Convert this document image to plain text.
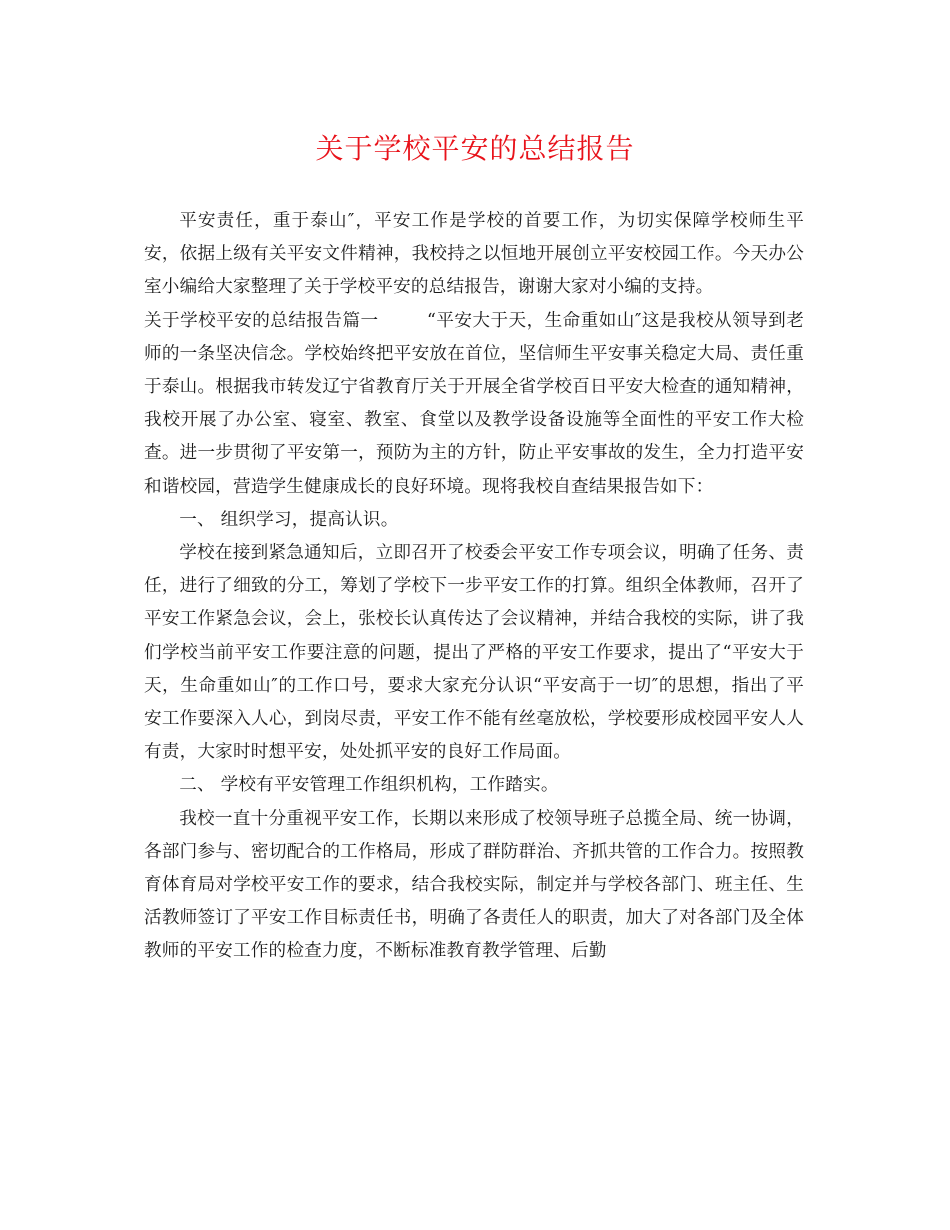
关于学校平安的总结报告

平安责任，重于泰山″，平安工作是学校的首要工作，为切实保障学校师生平安，依据上级有关平安文件精神，我校持之以恒地开展创立平安校园工作。今天办公室小编给大家整理了关于学校平安的总结报告，谢谢大家对小编的支持。

关于学校平安的总结报告篇一        “平安大于天，生命重如山″这是我校从领导到老师的一条坚决信念。学校始终把平安放在首位，坚信师生平安事关稳定大局、责任重于泰山。根据我市转发辽宁省教育厅关于开展全省学校百日平安大检查的通知精神，我校开展了办公室、寝室、教室、食堂以及教学设备设施等全面性的平安工作大检查。进一步贯彻了平安第一，预防为主的方针，防止平安事故的发生，全力打造平安和谐校园，营造学生健康成长的良好环境。现将我校自查结果报告如下：

一、 组织学习，提高认识。

学校在接到紧急通知后，立即召开了校委会平安工作专项会议，明确了任务、责任，进行了细致的分工，筹划了学校下一步平安工作的打算。组织全体教师，召开了平安工作紧急会议，会上，张校长认真传达了会议精神，并结合我校的实际，讲了我们学校当前平安工作要注意的问题，提出了严格的平安工作要求，提出了“平安大于天，生命重如山″的工作口号，要求大家充分认识“平安高于一切″的思想，指出了平安工作要深入人心，到岗尽责，平安工作不能有丝毫放松，学校要形成校园平安人人有责，大家时时想平安，处处抓平安的良好工作局面。

二、 学校有平安管理工作组织机构，工作踏实。

我校一直十分重视平安工作，长期以来形成了校领导班子总揽全局、统一协调，各部门参与、密切配合的工作格局，形成了群防群治、齐抓共管的工作合力。按照教育体育局对学校平安工作的要求，结合我校实际，制定并与学校各部门、班主任、生活教师签订了平安工作目标责任书，明确了各责任人的职责，加大了对各部门及全体教师的平安工作的检查力度，不断标准教育教学管理、后勤
